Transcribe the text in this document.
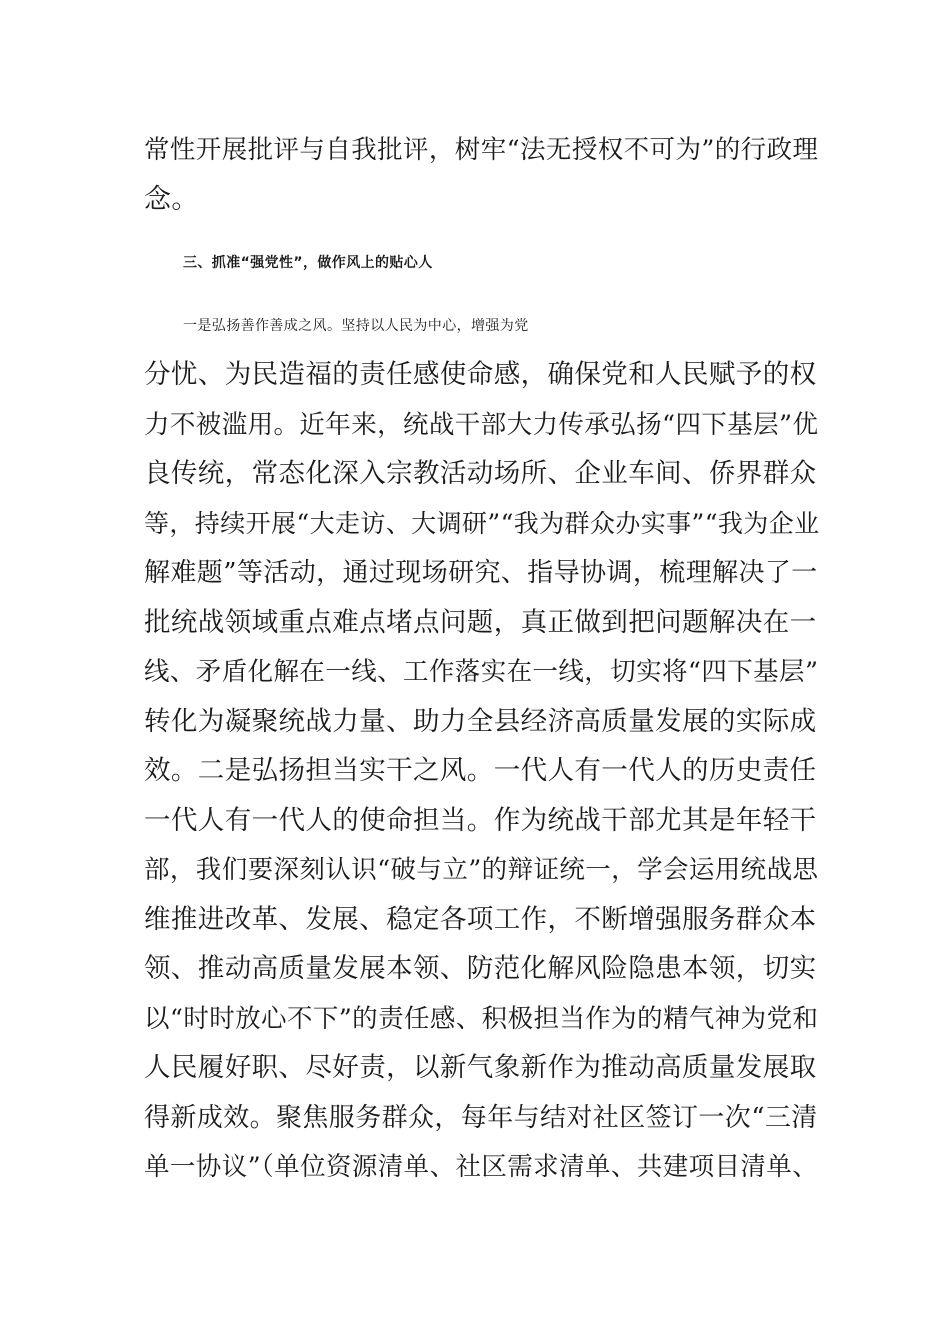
常性开展批评与自我批评，树牢“法无授权不可为”的行政理
念。
三、抓准“强党性”，做作风上的贴心人
一是弘扬善作善成之风。坚持以人民为中心，增强为党
分忧、为民造福的责任感使命感，确保党和人民赋予的权
力不被滥用。近年来，统战干部大力传承弘扬“四下基层”优
良传统，常态化深入宗教活动场所、企业车间、侨界群众
等，持续开展“大走访、大调研”“我为群众办实事”“我为企业
解难题”等活动，通过现场研究、指导协调，梳理解决了一
批统战领域重点难点堵点问题，真正做到把问题解决在一
线、矛盾化解在一线、工作落实在一线，切实将“四下基层”
转化为凝聚统战力量、助力全县经济高质量发展的实际成
效。二是弘扬担当实干之风。一代人有一代人的历史责任
一代人有一代人的使命担当。作为统战干部尤其是年轻干
部，我们要深刻认识“破与立”的辩证统一，学会运用统战思
维推进改革、发展、稳定各项工作，不断增强服务群众本
领、推动高质量发展本领、防范化解风险隐患本领，切实
以“时时放心不下”的责任感、积极担当作为的精气神为党和
人民履好职、尽好责，以新气象新作为推动高质量发展取
得新成效。聚焦服务群众，每年与结对社区签订一次“三清
单一协议”（单位资源清单、社区需求清单、共建项目清单、
